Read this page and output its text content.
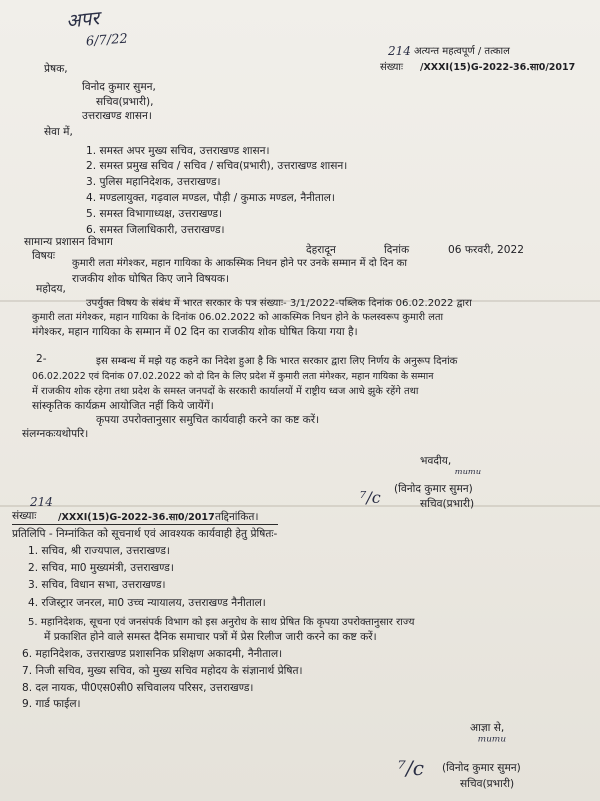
अपर
6/7/22
214 अत्यन्त महत्वपूर्ण / तत्काल
संख्याः /XXXI(15)G-2022-36.सा0/2017
प्रेषक,
विनोद कुमार सुमन,
सचिव(प्रभारी),
उत्तराखण्ड शासन।
सेवा में,
1. समस्त अपर मुख्य सचिव, उत्तराखण्ड शासन।
2. समस्त प्रमुख सचिव / सचिव / सचिव(प्रभारी), उत्तराखण्ड शासन।
3. पुलिस महानिदेशक, उत्तराखण्ड।
4. मण्डलायुक्त, गढ़वाल मण्डल, पौड़ी / कुमाऊ मण्डल, नैनीताल।
5. समस्त विभागाध्यक्ष, उत्तराखण्ड।
6. समस्त जिलाधिकारी, उत्तराखण्ड।
सामान्य प्रशासन विभाग
देहरादून	दिनांक	06 फरवरी, 2022
विषयः
कुमारी लता मंगेश्कर, महान गायिका के आकस्मिक निधन होने पर उनके सम्मान में दो दिन का
राजकीय शोक घोषित किए जाने विषयक।
महोदय,
उपर्युक्त विषय के संबंध में भारत सरकार के पत्र संख्याः- 3/1/2022-पब्लिक दिनांक 06.02.2022 द्वारा
कुमारी लता मंगेश्कर, महान गायिका के दिनांक 06.02.2022 को आकस्मिक निधन होने के फलस्वरूप कुमारी लता
मंगेश्कर, महान गायिका के सम्मान में 02 दिन का राजकीय शोक घोषित किया गया है।
2-	इस सम्बन्ध में मझे यह कहने का निदेश हुआ है कि भारत सरकार द्वारा लिए निर्णय के अनुरूप दिनांक
06.02.2022 एवं दिनांक 07.02.2022 को दो दिन के लिए प्रदेश में कुमारी लता मंगेश्कर, महान गायिका के सम्मान
में राजकीय शोक रहेगा तथा प्रदेश के समस्त जनपदों के सरकारी कार्यालयों में राष्ट्रीय ध्वज आधे झुके रहेंगे तथा
सांस्कृतिक कार्यक्रम आयोजित नहीं किये जायेंगें।
कृपया उपरोक्तानुसार समुचित कार्यवाही करने का कष्ट करें।
संलग्नकःयथोपरि।
भवदीय,
ᵐᵘᵐᵘ
(विनोद कुमार सुमन)
सचिव(प्रभारी)
⁷/c
214
संख्याः /XXXI(15)G-2022-36.सा0/2017 तद्दिनांकित।
प्रतिलिपि - निम्नांकित को सूचनार्थ एवं आवश्यक कार्यवाही हेतु प्रेषितः-
1. सचिव, श्री राज्यपाल, उत्तराखण्ड।
2. सचिव, मा0 मुख्यमंत्री, उत्तराखण्ड।
3. सचिव, विधान सभा, उत्तराखण्ड।
4. रजिस्ट्रार जनरल, मा0 उच्च न्यायालय, उत्तराखण्ड नैनीताल।
5. महानिदेशक, सूचना एवं जनसंपर्क विभाग को इस अनुरोध के साथ प्रेषित कि कृपया उपरोक्तानुसार राज्य
में प्रकाशित होने वाले समस्त दैनिक समाचार पत्रों में प्रेस रिलीज जारी करने का कष्ट करें।
6. महानिदेशक, उत्तराखण्ड प्रशासनिक प्रशिक्षण अकादमी, नैनीताल।
7. निजी सचिव, मुख्य सचिव, को मुख्य सचिव महोदय के संज्ञानार्थ प्रेषित।
8. दल नायक, पी0एस0सी0 सचिवालय परिसर, उत्तराखण्ड।
9. गार्ड फाईल।
आज्ञा से,
ᵐᵘᵐᵘ
⁷/c (विनोद कुमार सुमन)
सचिव(प्रभारी)
